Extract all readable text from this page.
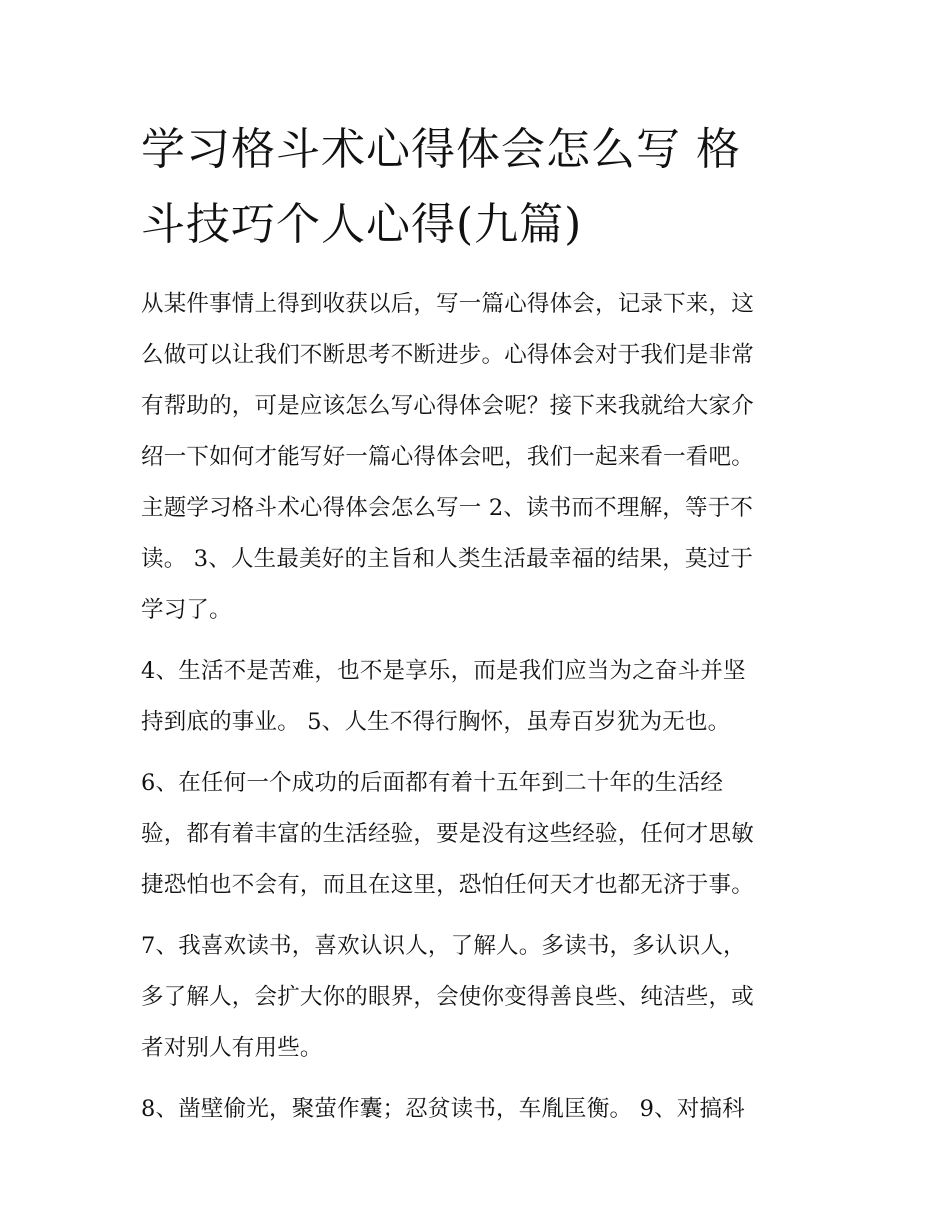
学习格斗术心得体会怎么写 格
斗技巧个人心得(九篇)
从某件事情上得到收获以后，写一篇心得体会，记录下来，这
么做可以让我们不断思考不断进步。心得体会对于我们是非常
有帮助的，可是应该怎么写心得体会呢？接下来我就给大家介
绍一下如何才能写好一篇心得体会吧，我们一起来看一看吧。
主题学习格斗术心得体会怎么写一 2、读书而不理解，等于不
读。 3、人生最美好的主旨和人类生活最幸福的结果，莫过于
学习了。
4、生活不是苦难，也不是享乐，而是我们应当为之奋斗并坚
持到底的事业。 5、人生不得行胸怀，虽寿百岁犹为无也。
6、在任何一个成功的后面都有着十五年到二十年的生活经
验，都有着丰富的生活经验，要是没有这些经验，任何才思敏
捷恐怕也不会有，而且在这里，恐怕任何天才也都无济于事。
7、我喜欢读书，喜欢认识人，了解人。多读书，多认识人，
多了解人，会扩大你的眼界，会使你变得善良些、纯洁些，或
者对别人有用些。
8、凿壁偷光，聚萤作囊；忍贫读书，车胤匡衡。 9、对搞科
